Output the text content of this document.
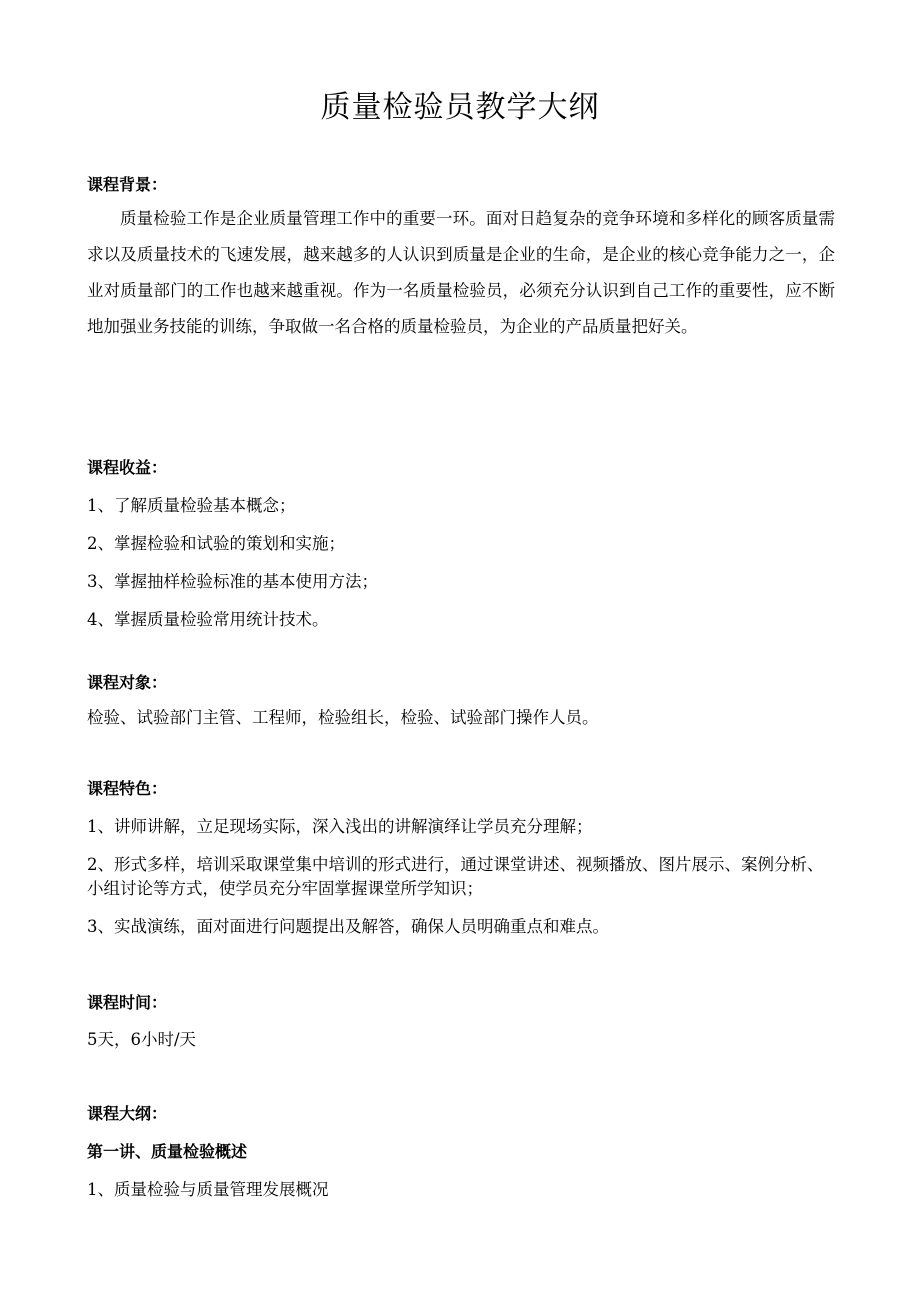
质量检验员教学大纲

课程背景：

质量检验工作是企业质量管理工作中的重要一环。面对日趋复杂的竞争环境和多样化的顾客质量需求以及质量技术的飞速发展，越来越多的人认识到质量是企业的生命，是企业的核心竞争能力之一，企业对质量部门的工作也越来越重视。作为一名质量检验员，必须充分认识到自己工作的重要性，应不断地加强业务技能的训练，争取做一名合格的质量检验员，为企业的产品质量把好关。

课程收益：

1、了解质量检验基本概念；

2、掌握检验和试验的策划和实施；

3、掌握抽样检验标准的基本使用方法；

4、掌握质量检验常用统计技术。

课程对象：

检验、试验部门主管、工程师，检验组长，检验、试验部门操作人员。

课程特色：

1、讲师讲解，立足现场实际，深入浅出的讲解演绎让学员充分理解；

2、形式多样，培训采取课堂集中培训的形式进行，通过课堂讲述、视频播放、图片展示、案例分析、小组讨论等方式，使学员充分牢固掌握课堂所学知识；

3、实战演练，面对面进行问题提出及解答，确保人员明确重点和难点。

课程时间：

5天，6小时/天

课程大纲：

第一讲、质量检验概述

1、质量检验与质量管理发展概况
